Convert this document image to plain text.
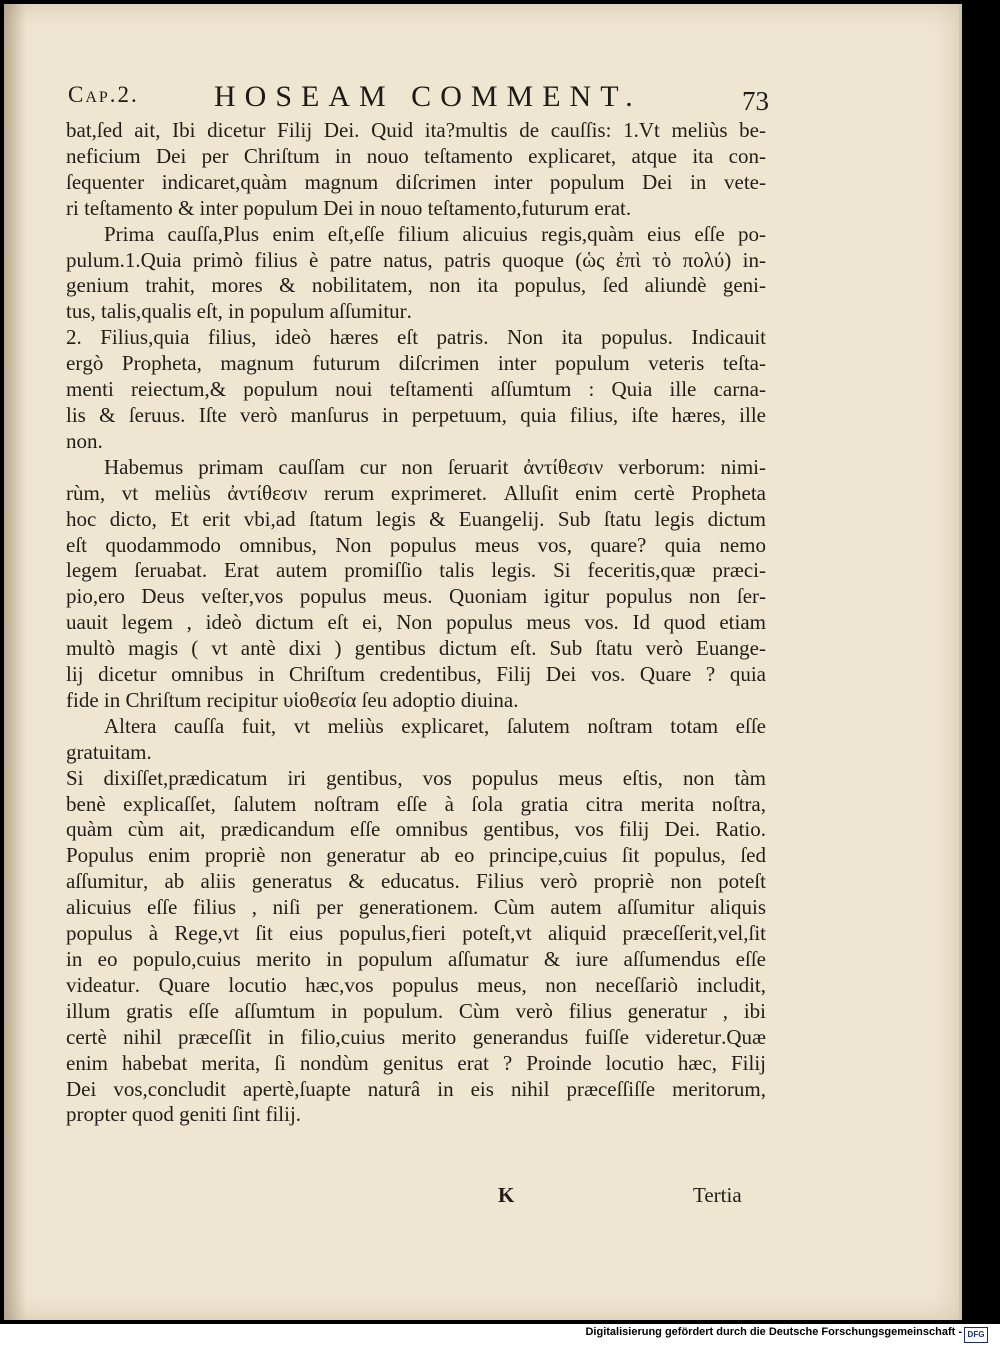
Cap.2.	HOSEAM COMMENT.	73

bat,ſed ait, Ibi dicetur Filij Dei. Quid ita?multis de cauſſis: 1.Vt meliùs be-

neficium Dei per Chriſtum in nouo teſtamento explicaret, atque ita con-

ſequenter indicaret,quàm magnum diſcrimen inter populum Dei in vete-

ri teſtamento & inter populum Dei in nouo teſtamento,futurum erat.

Prima cauſſa,Plus enim eſt,eſſe filium alicuius regis,quàm eius eſſe po-

pulum.1.Quia primò filius è patre natus, patris quoque (ὡς ἐπὶ τὸ πολύ) in-

genium trahit, mores & nobilitatem, non ita populus, ſed aliundè geni-

tus, talis,qualis eſt, in populum aſſumitur.

2. Filius,quia filius, ideò hæres eſt patris. Non ita populus. Indicauit

ergò Propheta, magnum futurum diſcrimen inter populum veteris teſta-

menti reiectum,& populum noui teſtamenti aſſumtum : Quia ille carna-

lis & ſeruus. Iſte verò manſurus in perpetuum, quia filius, iſte hæres, ille

non.

Habemus primam cauſſam cur non ſeruarit ἀντίθεσιν verborum: nimi-

rùm, vt meliùs ἀντίθεσιν rerum exprimeret. Alluſit enim certè Propheta

hoc dicto, Et erit vbi,ad ſtatum legis & Euangelij. Sub ſtatu legis dictum

eſt quodammodo omnibus, Non populus meus vos, quare? quia nemo

legem ſeruabat. Erat autem promiſſio talis legis. Si feceritis,quæ præci-

pio,ero Deus veſter,vos populus meus. Quoniam igitur populus non ſer-

uauit legem , ideò dictum eſt ei, Non populus meus vos. Id quod etiam

multò magis ( vt antè dixi ) gentibus dictum eſt. Sub ſtatu verò Euange-

lij dicetur omnibus in Chriſtum credentibus, Filij Dei vos. Quare ? quia

fide in Chriſtum recipitur υἱοθεσία ſeu adoptio diuina.

Altera cauſſa fuit, vt meliùs explicaret, ſalutem noſtram totam eſſe

gratuitam.

Si dixiſſet,prædicatum iri gentibus, vos populus meus eſtis, non tàm

benè explicaſſet, ſalutem noſtram eſſe à ſola gratia citra merita noſtra,

quàm cùm ait, prædicandum eſſe omnibus gentibus, vos filij Dei. Ratio.

Populus enim propriè non generatur ab eo principe,cuius ſit populus, ſed

aſſumitur, ab aliis generatus & educatus. Filius verò propriè non poteſt

alicuius eſſe filius , niſi per generationem. Cùm autem aſſumitur aliquis

populus à Rege,vt ſit eius populus,fieri poteſt,vt aliquid præceſſerit,vel,ſit

in eo populo,cuius merito in populum aſſumatur & iure aſſumendus eſſe

videatur. Quare locutio hæc,vos populus meus, non neceſſariò includit,

illum gratis eſſe aſſumtum in populum. Cùm verò filius generatur , ibi

certè nihil præceſſit in filio,cuius merito generandus fuiſſe videretur.Quæ

enim habebat merita, ſi nondùm genitus erat ? Proinde locutio hæc, Filij

Dei vos,concludit apertè,ſuapte naturâ in eis nihil præceſſiſſe meritorum,

propter quod geniti ſint filij.

K	Tertia
Digitalisierung gefördert durch die Deutsche Forschungsgemeinschaft - DFG
